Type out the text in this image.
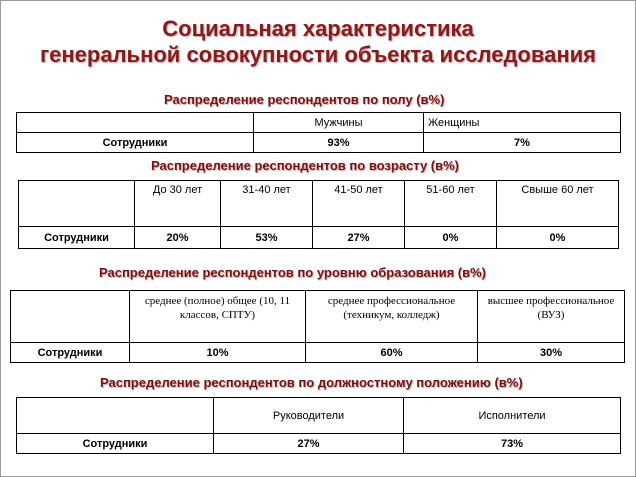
Социальная характеристика
генеральной совокупности объекта исследования
Распределение респондентов по полу (в%)
	Мужчины	Женщины
Сотрудники	93%	7%
Распределение респондентов по возрасту (в%)
	До 30 лет	31-40 лет	41-50 лет	51-60 лет	Свыше 60 лет
Сотрудники	20%	53%	27%	0%	0%
Распределение респондентов по уровню образования (в%)
	среднее (полное) общее (10, 11 классов, СПТУ)	среднее профессиональное (техникум, колледж)	высшее профессиональное (ВУЗ)
Сотрудники	10%	60%	30%
Распределение респондентов по должностному положению (в%)
	Руководители	Исполнители
Сотрудники	27%	73%
